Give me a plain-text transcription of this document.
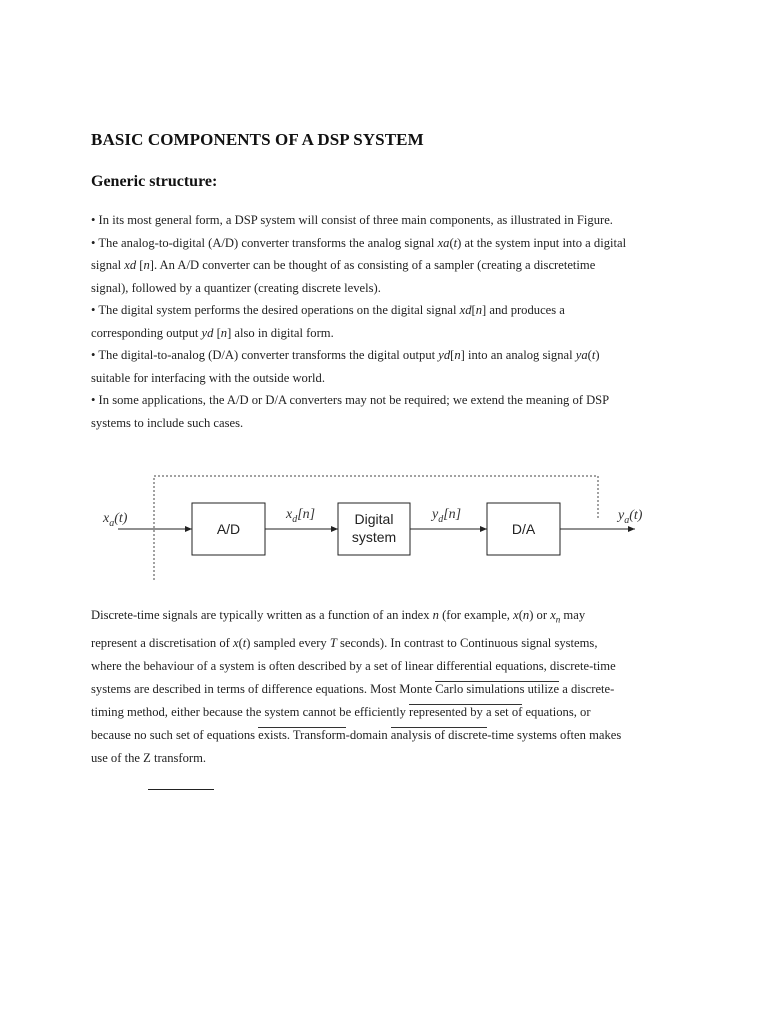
BASIC COMPONENTS OF A DSP SYSTEM
Generic structure:
• In its most general form, a DSP system will consist of three main components, as illustrated in Figure.
• The analog-to-digital (A/D) converter transforms the analog signal xa(t) at the system input into a digital
signal xd [n]. An A/D converter can be thought of as consisting of a sampler (creating a discretetime
signal), followed by a quantizer (creating discrete levels).
• The digital system performs the desired operations on the digital signal xd[n] and produces a
corresponding output yd [n] also in digital form.
• The digital-to-analog (D/A) converter transforms the digital output yd[n] into an analog signal ya(t)
suitable for interfacing with the outside world.
• In some applications, the A/D or D/A converters may not be required; we extend the meaning of DSP
systems to include such cases.
$x_a(t)$
A/D
$x_d[n]$	Digital
system
$y_d[n]$
D/A
$y_a(t)$
Discrete-time signals are typically written as a function of an index n (for example, x(n) or $x_n$ may
represent a discretisation of x(t) sampled every T seconds). In contrast to Continuous signal systems,
where the behaviour of a system is often described by a set of linear differential equations, discrete-time
systems are described in terms of difference equations. Most Monte Carlo simulations utilize a discrete-
timing method, either because the system cannot be efficiently represented by a set of equations, or
because no such set of equations exists. Transform-domain analysis of discrete-time systems often makes
use of the Z transform.
